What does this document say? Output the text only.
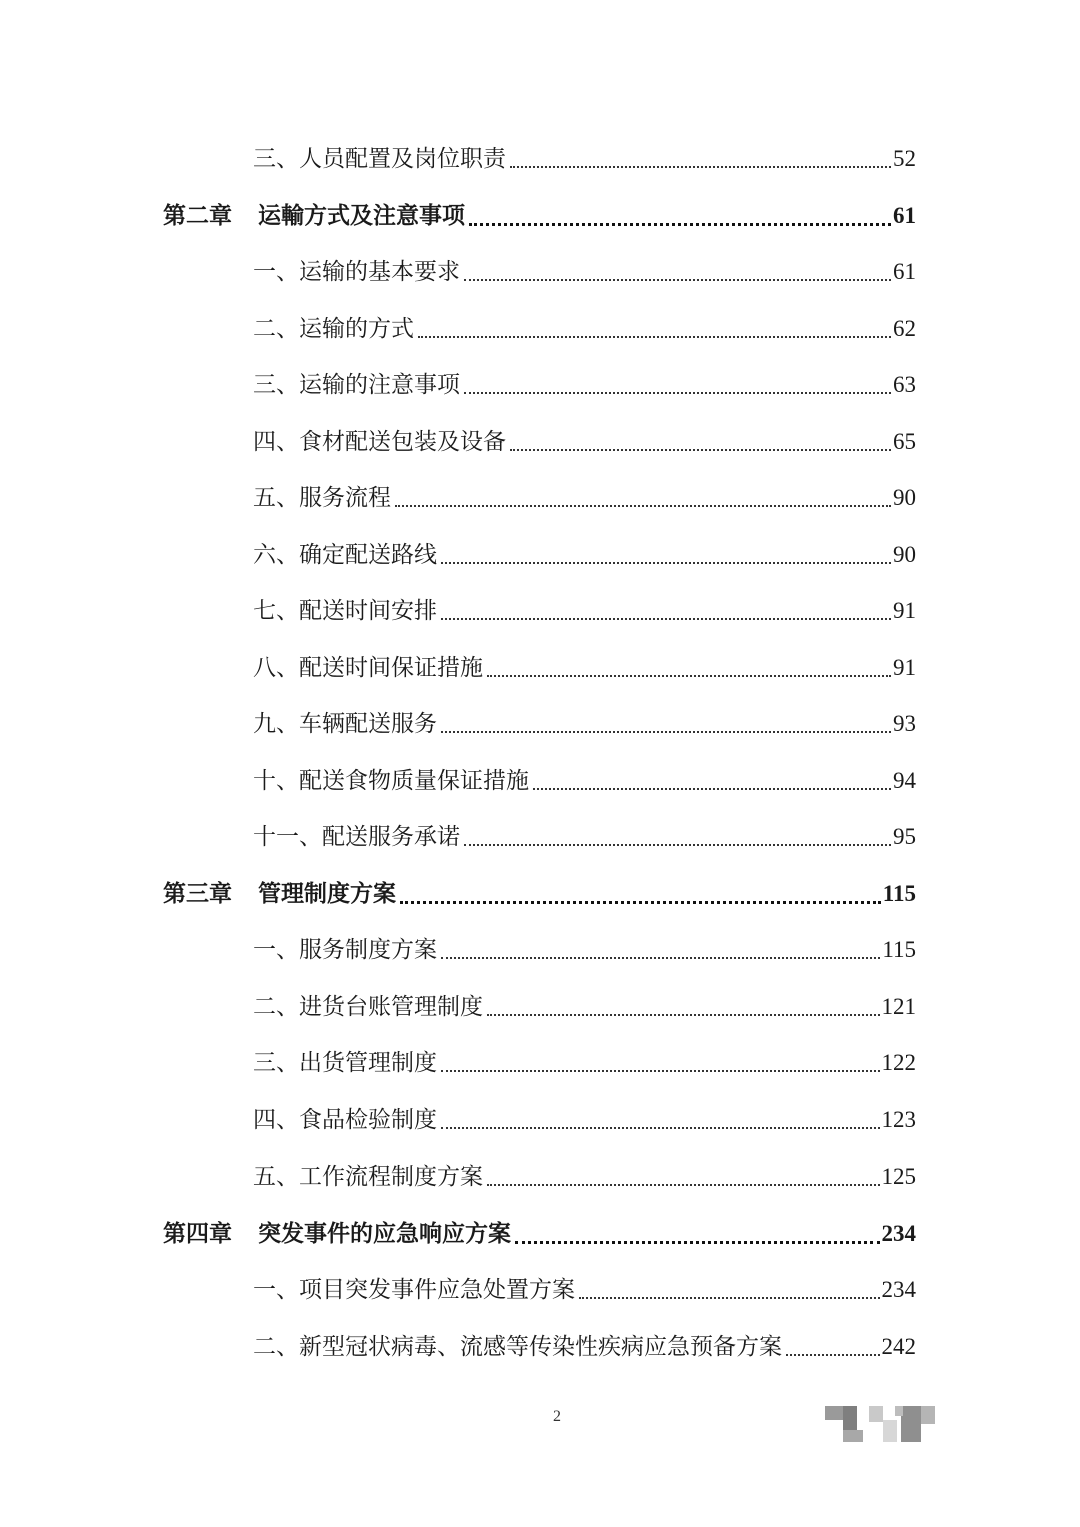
三、人员配置及岗位职责	52
第二章 运輸方式及注意事项	61
一、运输的基本要求	61
二、运输的方式	62
三、运输的注意事项	63
四、食材配送包装及设备	65
五、服务流程	90
六、确定配送路线	90
七、配送时间安排	91
八、配送时间保证措施	91
九、车辆配送服务	93
十、配送食物质量保证措施	94
十一、配送服务承诺	95
第三章 管理制度方案	115
一、服务制度方案	115
二、进货台账管理制度	121
三、出货管理制度	122
四、食品检验制度	123
五、工作流程制度方案	125
第四章 突发事件的应急响应方案	234
一、项目突发事件应急处置方案	234
二、新型冠状病毒、流感等传染性疾病应急预备方案	242
2
